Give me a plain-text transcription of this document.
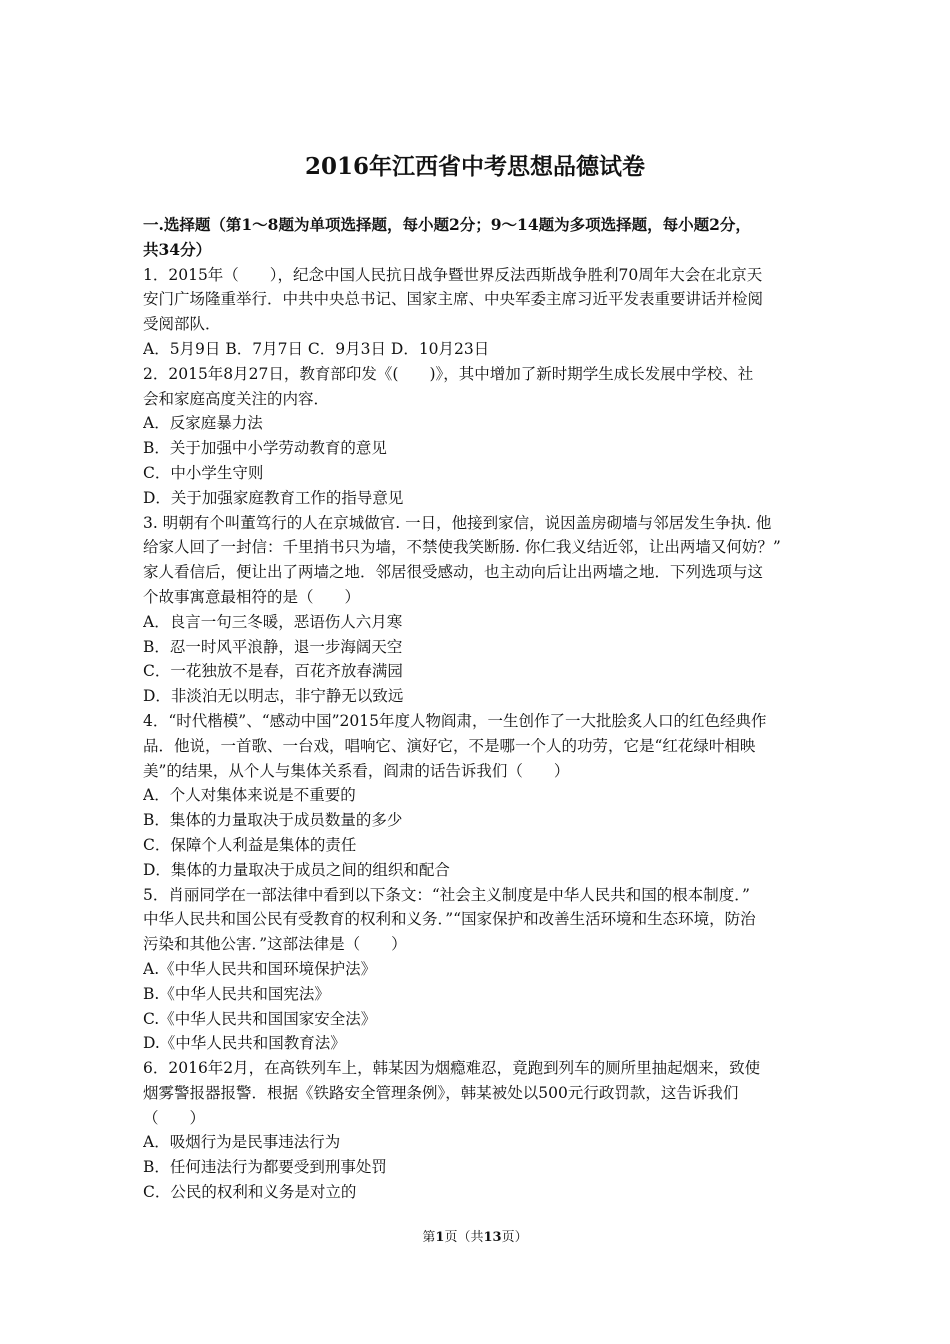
2016年江西省中考思想品德试卷
一.选择题（第1～8题为单项选择题，每小题2分；9～14题为多项选择题，每小题2分，
共34分）
1．2015年（　　），纪念中国人民抗日战争暨世界反法西斯战争胜利70周年大会在北京天
安门广场隆重举行．中共中央总书记、国家主席、中央军委主席习近平发表重要讲话并检阅
受阅部队．
A．5月9日 B．7月7日 C．9月3日 D．10月23日
2．2015年8月27日，教育部印发《(　　)》，其中增加了新时期学生成长发展中学校、社
会和家庭高度关注的内容．
A．反家庭暴力法
B．关于加强中小学劳动教育的意见
C．中小学生守则
D．关于加强家庭教育工作的指导意见
3. 明朝有个叫董笃行的人在京城做官. 一日，他接到家信，说因盖房砌墙与邻居发生争执. 他
给家人回了一封信：千里捎书只为墙，不禁使我笑断肠. 你仁我义结近邻，让出两墙又何妨？”
家人看信后，便让出了两墙之地．邻居很受感动，也主动向后让出两墙之地．下列选项与这
个故事寓意最相符的是（　　）
A．良言一句三冬暖，恶语伤人六月寒
B．忍一时风平浪静，退一步海阔天空
C．一花独放不是春，百花齐放春满园
D．非淡泊无以明志，非宁静无以致远
4．“时代楷模”、“感动中国”2015年度人物阎肃，一生创作了一大批脍炙人口的红色经典作
品．他说，一首歌、一台戏，唱响它、演好它，不是哪一个人的功劳，它是“红花绿叶相映
美”的结果，从个人与集体关系看，阎肃的话告诉我们（　　）
A．个人对集体来说是不重要的
B．集体的力量取决于成员数量的多少
C．保障个人利益是集体的责任
D．集体的力量取决于成员之间的组织和配合
5．肖丽同学在一部法律中看到以下条文：“社会主义制度是中华人民共和国的根本制度．”
中华人民共和国公民有受教育的权利和义务．”“国家保护和改善生活环境和生态环境，防治
污染和其他公害．”这部法律是（　　）
A.《中华人民共和国环境保护法》
B.《中华人民共和国宪法》
C.《中华人民共和国国家安全法》
D.《中华人民共和国教育法》
6．2016年2月，在高铁列车上，韩某因为烟瘾难忍，竟跑到列车的厕所里抽起烟来，致使
烟雾警报器报警．根据《铁路安全管理条例》，韩某被处以500元行政罚款，这告诉我们
（　　）
A．吸烟行为是民事违法行为
B．任何违法行为都要受到刑事处罚
C．公民的权利和义务是对立的
第1页（共13页）
